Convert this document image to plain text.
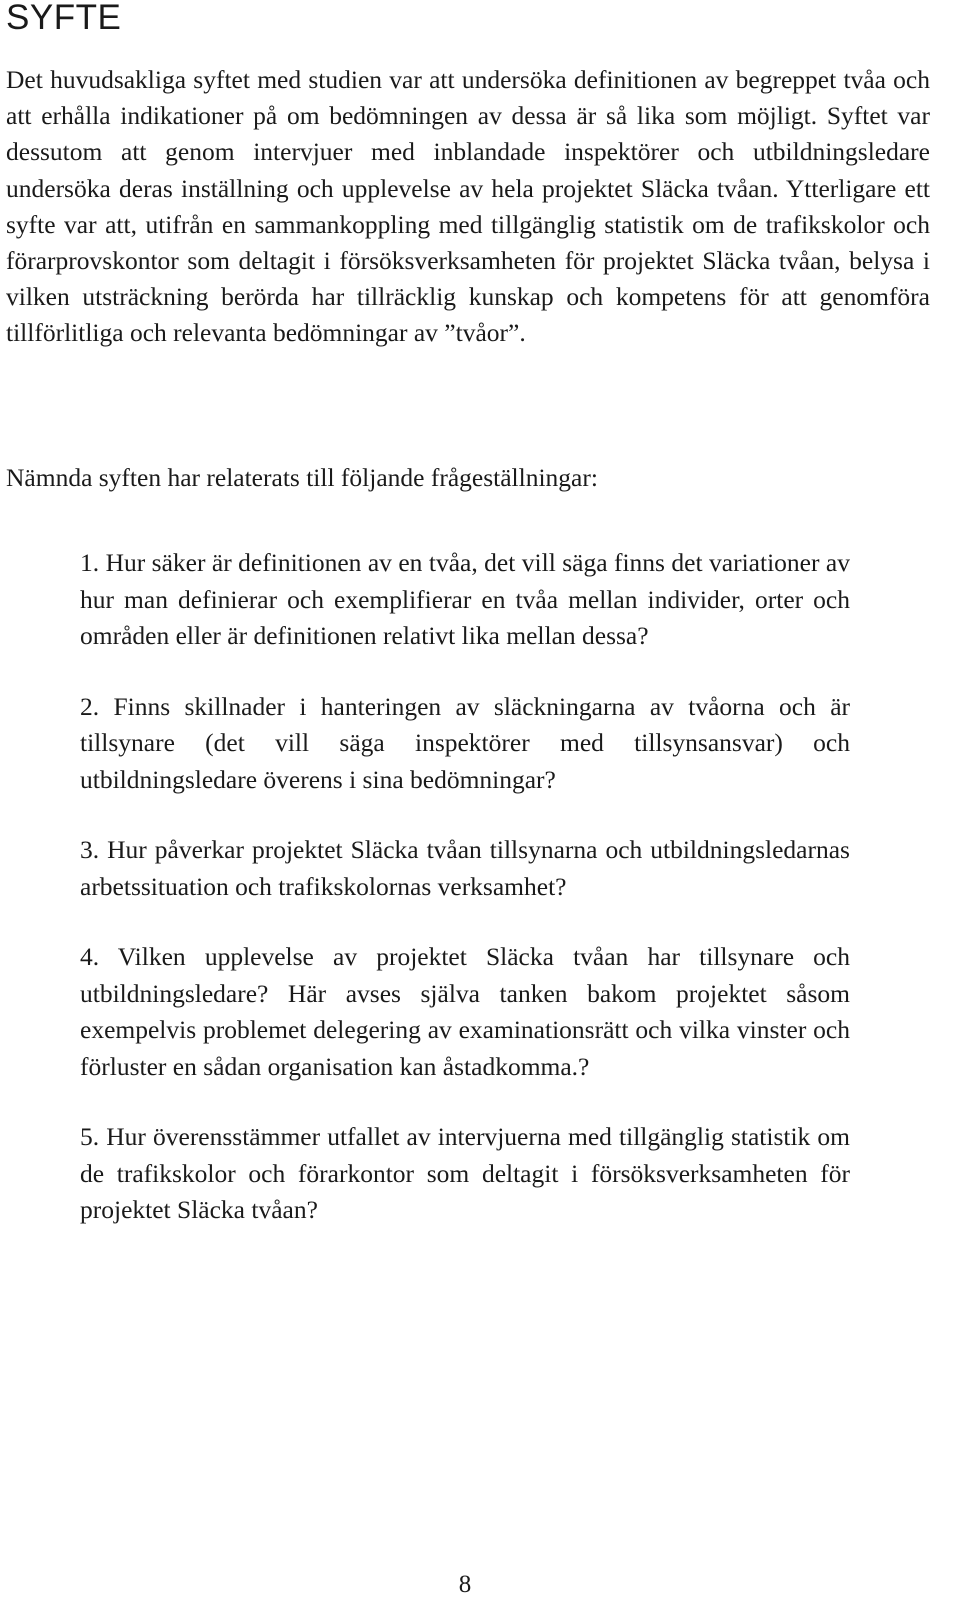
SYFTE

Det huvudsakliga syftet med studien var att undersöka definitionen av begreppet tvåa och att erhålla indikationer på om bedömningen av dessa är så lika som möjligt. Syftet var dessutom att genom intervjuer med inblandade inspektörer och utbildningsledare undersöka deras inställning och upplevelse av hela projektet Släcka tvåan. Ytterligare ett syfte var att, utifrån en sammankoppling med tillgänglig statistik om de trafikskolor och förarprovskontor som deltagit i försöksverksamheten för projektet Släcka tvåan, belysa i vilken utsträckning berörda har tillräcklig kunskap och kompetens för att genomföra tillförlitliga och relevanta bedömningar av ”tvåor”.

Nämnda syften har relaterats till följande frågeställningar:

1. Hur säker är definitionen av en tvåa, det vill säga finns det variationer av hur man definierar och exemplifierar en tvåa mellan individer, orter och områden eller är definitionen relativt lika mellan dessa?
2. Finns skillnader i hanteringen av släckningarna av tvåorna och är tillsynare (det vill säga inspektörer med tillsynsansvar) och utbildningsledare överens i sina bedömningar?
3. Hur påverkar projektet Släcka tvåan tillsynarna och utbildningsledarnas arbetssituation och trafikskolornas verksamhet?
4. Vilken upplevelse av projektet Släcka tvåan har tillsynare och utbildningsledare? Här avses själva tanken bakom projektet såsom exempelvis problemet delegering av examinationsrätt och vilka vinster och förluster en sådan organisation kan åstadkomma.?
5. Hur överensstämmer utfallet av intervjuerna med tillgänglig statistik om de trafikskolor och förarkontor som deltagit i försöksverksamheten för projektet Släcka tvåan?
8
